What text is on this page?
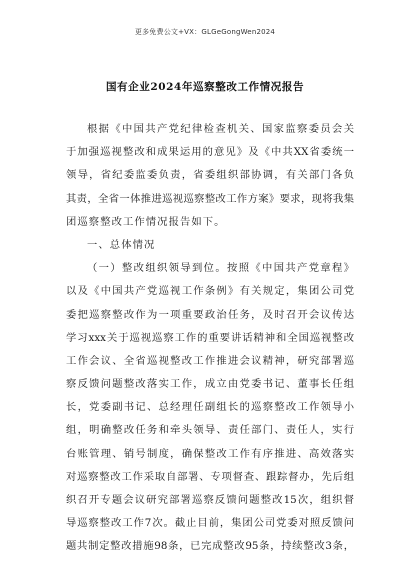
更多免费公文+VX：GLGeGongWen2024
国有企业2024年巡察整改工作情况报告
根据《中国共产党纪律检查机关、国家监察委员会关
于加强巡视整改和成果运用的意见》及《中共XX省委统一
领导，省纪委监委负责，省委组织部协调，有关部门各负
其责，全省一体推进巡视巡察整改工作方案》要求，现将我集
团巡察整改工作情况报告如下。
一、总体情况
（一）整改组织领导到位。按照《中国共产党章程》
以及《中国共产党巡视工作条例》有关规定，集团公司党
委把巡察整改作为一项重要政治任务，及时召开会议传达
学习xxx关于巡视巡察工作的重要讲话精神和全国巡视整改
工作会议、全省巡视整改工作推进会议精神，研究部署巡
察反馈问题整改落实工作，成立由党委书记、董事长任组
长，党委副书记、总经理任副组长的巡察整改工作领导小
组，明确整改任务和牵头领导、责任部门、责任人，实行
台账管理、销号制度，确保整改工作有序推进、高效落实
对巡察整改工作采取自部署、专项督查、跟踪督办，先后组
织召开专题会议研究部署巡察反馈问题整改15次，组织督
导巡察整改工作7次。截止目前，集团公司党委对照反馈问
题共制定整改措施98条，已完成整改95条，持续整改3条，
